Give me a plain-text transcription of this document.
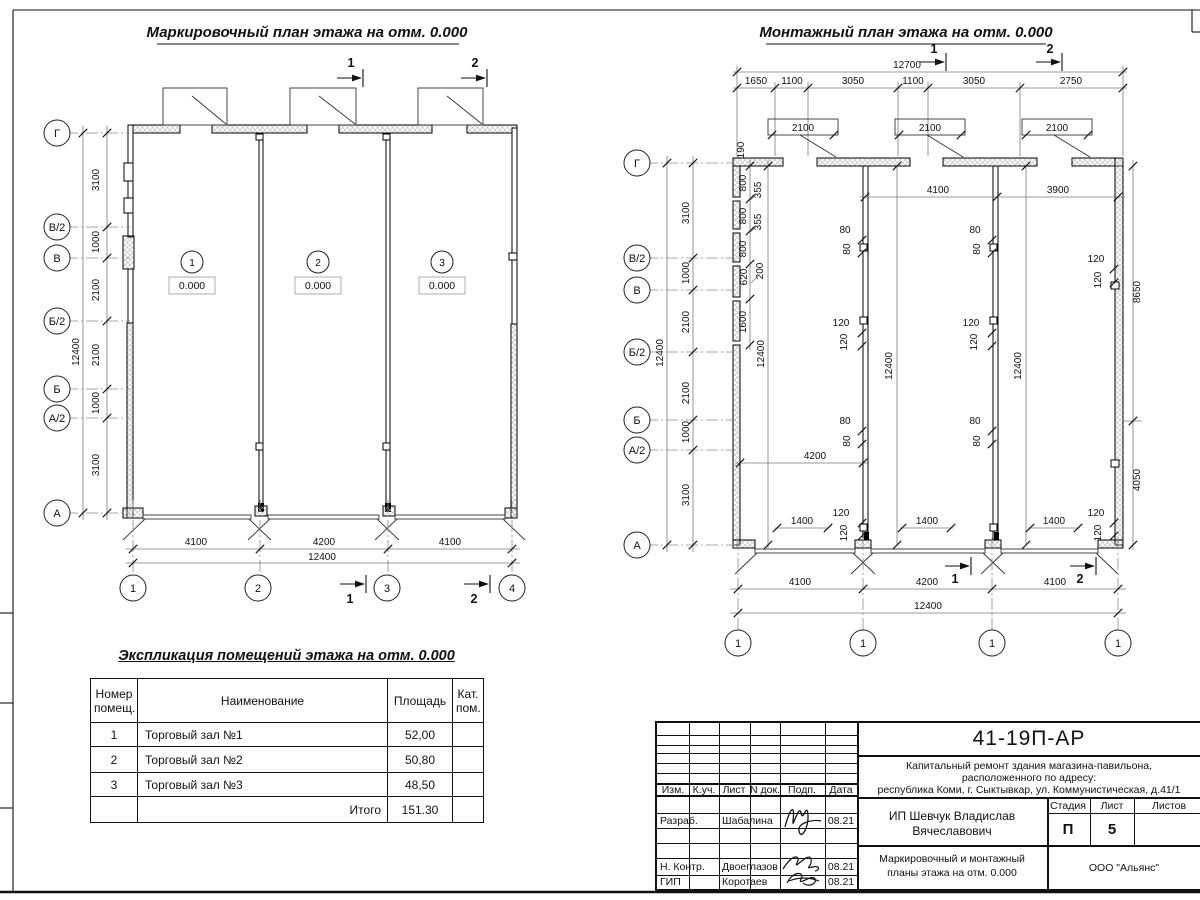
Маркировочный план этажа на отм. 0.000
1	2
Г
В/2
В
Б/2
Б
А/2
А
3100
1000
2100
2100
1000
3100
12400
1
0.000
2
0.000
3
0.000
4100	4200	4100
12400
1	2	3	4
1	2
Монтажный план этажа на отм. 0.000
1	2
12700
1650 1100	3050	1100	3050	2750
2100	2100	2100
190
800 355
800 355
800
620 200
1600
12400
Г
В/2
В
Б/2
Б
А/2
А
3100
1000
2100
2100
1000
3100
12400
4100	3900
12400	12400
80
80
80
80
120
120
120
120
120
120
80
80
80
80
120
120
120
120
8650
4050
4200
1400	1400	1400
4100	4200	4100
12400
1	1	1	1
1	2
Экспликация помещений этажа на отм. 0.000
Номер
помещ.	Наименование	Площадь	Кат.
пом.
1	Торговый зал №1	52,00	
2	Торговый зал №2	50,80	
3	Торговый зал №3	48,50	
	Итого	151.30	
Изм. К.уч. Лист N док. Подп. Дата
Разраб. Шабалина	08.21
Н. Контр. Двоеглазов	08.21
ГИП	Коротаев	08.21
41-19П-АР
Капитальный ремонт здания магазина-павильона,
расположенного по адресу:
республика Коми, г. Сыктывкар, ул. Коммунистическая, д.41/1
ИП Шевчук Владислав
Вячеславович
Стадия Лист	Листов
П 5
Маркировочный и монтажный
планы этажа на отм. 0.000	ООО "Альянс"
